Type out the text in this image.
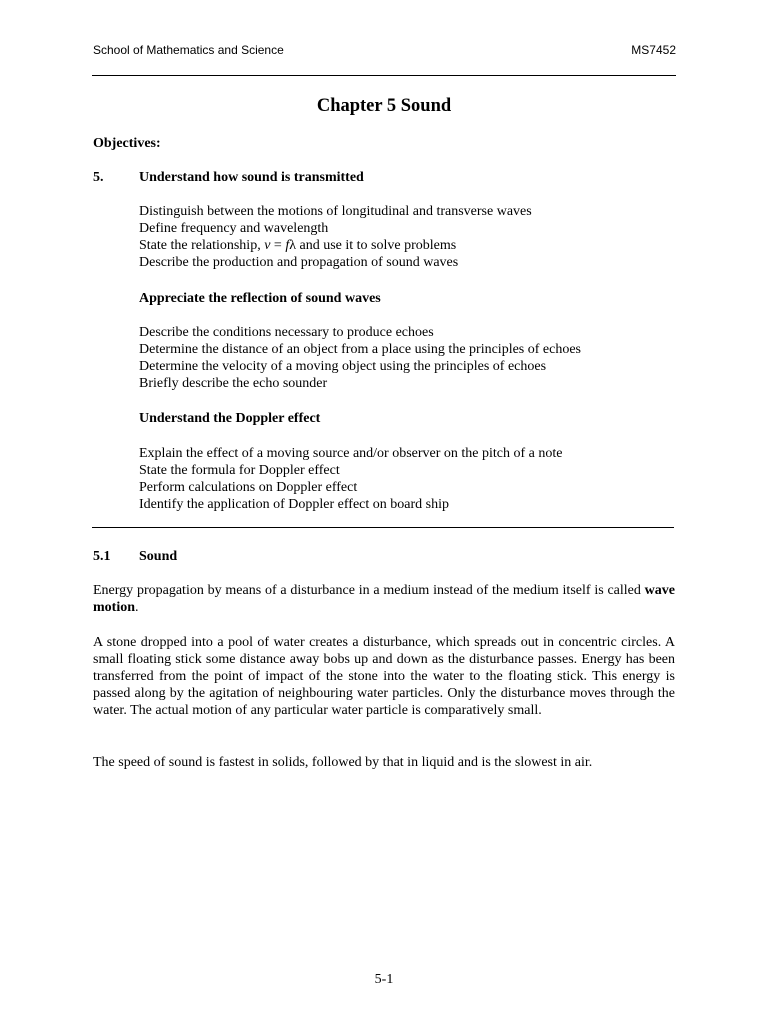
School of Mathematics and Science	MS7452
Chapter 5 Sound
Objectives:
5.	Understand how sound is transmitted
Distinguish between the motions of longitudinal and transverse waves
Define frequency and wavelength
State the relationship, v = fλ and use it to solve problems
Describe the production and propagation of sound waves
Appreciate the reflection of sound waves
Describe the conditions necessary to produce echoes
Determine the distance of an object from a place using the principles of echoes
Determine the velocity of a moving object using the principles of echoes
Briefly describe the echo sounder
Understand the Doppler effect
Explain the effect of a moving source and/or observer on the pitch of a note
State the formula for Doppler effect
Perform calculations on Doppler effect
Identify the application of Doppler effect on board ship
5.1 Sound
Energy propagation by means of a disturbance in a medium instead of the medium itself is called wave motion.
A stone dropped into a pool of water creates a disturbance, which spreads out in concentric circles. A small floating stick some distance away bobs up and down as the disturbance passes. Energy has been transferred from the point of impact of the stone into the water to the floating stick. This energy is passed along by the agitation of neighbouring water particles. Only the disturbance moves through the water. The actual motion of any particular water particle is comparatively small.
The speed of sound is fastest in solids, followed by that in liquid and is the slowest in air.
5-1
